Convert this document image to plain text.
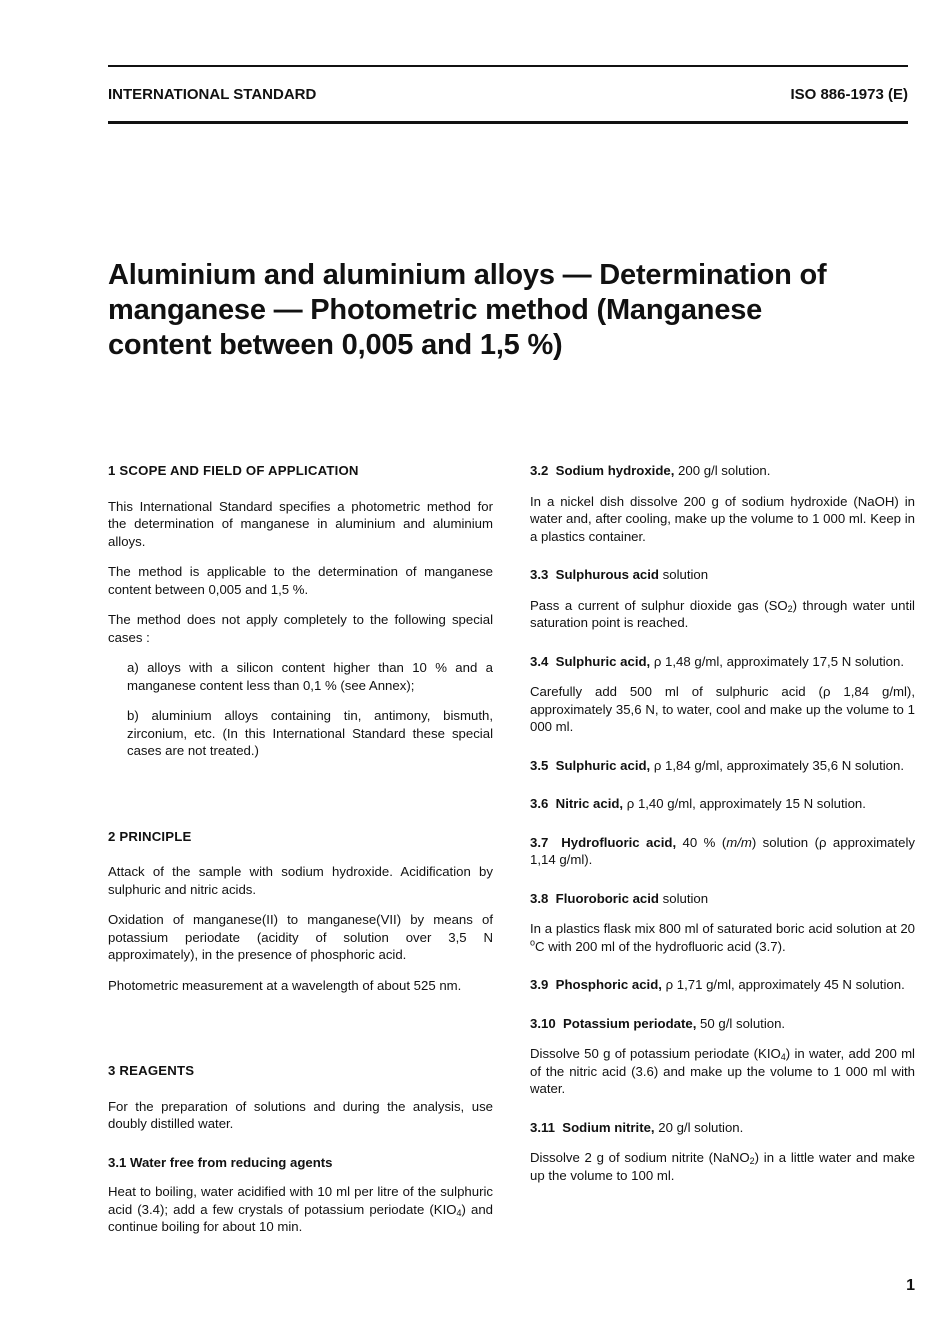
INTERNATIONAL STANDARD	ISO 886-1973 (E)
Aluminium and aluminium alloys — Determination of manganese — Photometric method (Manganese content between 0,005 and 1,5 %)
1 SCOPE AND FIELD OF APPLICATION

This International Standard specifies a photometric method for the determination of manganese in aluminium and aluminium alloys.

The method is applicable to the determination of manganese content between 0,005 and 1,5 %.

The method does not apply completely to the following special cases :

a) alloys with a silicon content higher than 10 % and a manganese content less than 0,1 % (see Annex);

b) aluminium alloys containing tin, antimony, bismuth, zirconium, etc. (In this International Standard these special cases are not treated.)

2 PRINCIPLE

Attack of the sample with sodium hydroxide. Acidification by sulphuric and nitric acids.

Oxidation of manganese(II) to manganese(VII) by means of potassium periodate (acidity of solution over 3,5 N approximately), in the presence of phosphoric acid.

Photometric measurement at a wavelength of about 525 nm.

3 REAGENTS

For the preparation of solutions and during the analysis, use doubly distilled water.

3.1 Water free from reducing agents

Heat to boiling, water acidified with 10 ml per litre of the sulphuric acid (3.4); add a few crystals of potassium periodate $(KIO_4)$ and continue boiling for about 10 min.

3.2 Sodium hydroxide, 200 g/l solution.

In a nickel dish dissolve 200 g of sodium hydroxide (NaOH) in water and, after cooling, make up the volume to 1 000 ml. Keep in a plastics container.

3.3 Sulphurous acid solution

Pass a current of sulphur dioxide gas $(SO_2)$ through water until saturation point is reached.

3.4 Sulphuric acid, ρ 1,48 g/ml, approximately 17,5 N solution.

Carefully add 500 ml of sulphuric acid (ρ 1,84 g/ml), approximately 35,6 N, to water, cool and make up the volume to 1 000 ml.

3.5 Sulphuric acid, ρ 1,84 g/ml, approximately 35,6 N solution.

3.6 Nitric acid, ρ 1,40 g/ml, approximately 15 N solution.

3.7 Hydrofluoric acid, 40 % (m/m) solution (ρ approximately 1,14 g/ml).

3.8 Fluoroboric acid solution

In a plastics flask mix 800 ml of saturated boric acid solution at 20 $^o$C with 200 ml of the hydrofluoric acid (3.7).

3.9 Phosphoric acid, ρ 1,71 g/ml, approximately 45 N solution.

3.10 Potassium periodate, 50 g/l solution.

Dissolve 50 g of potassium periodate $(KIO_4)$ in water, add 200 ml of the nitric acid (3.6) and make up the volume to 1 000 ml with water.

3.11 Sodium nitrite, 20 g/l solution.

Dissolve 2 g of sodium nitrite (NaNO$_2$) in a little water and make up the volume to 100 ml.

1
